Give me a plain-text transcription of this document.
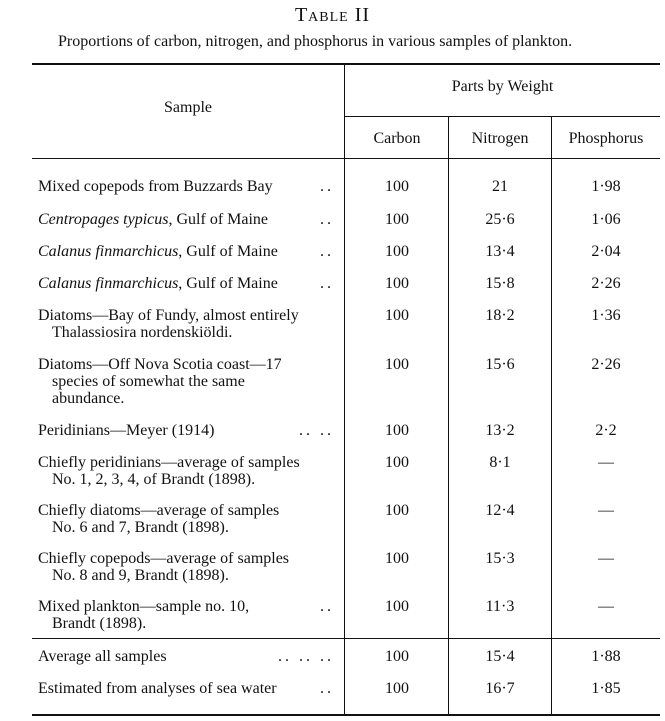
Table II
Proportions of carbon, nitrogen, and phosphorus in various samples of plankton.
Sample
Parts by Weight
Carbon	Nitrogen	Phosphorus
Mixed copepods from Buzzards Bay	..	100	21	1·98
Centropages typicus, Gulf of Maine	..	100	25·6	1·06
Calanus finmarchicus, Gulf of Maine	..	100	13·4	2·04
Calanus finmarchicus, Gulf of Maine	..	100	15·8	2·26
Diatoms—Bay of Fundy, almost entirely
Thalassiosira nordenskiöldi.
100	18·2	1·36
Diatoms—Off Nova Scotia coast—17
species of somewhat the same
abundance.
100	15·6	2·26
Peridinians—Meyer (1914)	.. ..	100	13·2	2·2
Chiefly peridinians—average of samples
No. 1, 2, 3, 4, of Brandt (1898).
100	8·1	—
Chiefly diatoms—average of samples
No. 6 and 7, Brandt (1898).
100	12·4	—
Chiefly copepods—average of samples
No. 8 and 9, Brandt (1898).
100	15·3	—
Mixed plankton—sample no. 10,
Brandt (1898).
..	100	11·3	—
Average all samples	.. .. ..	100	15·4	1·88
Estimated from analyses of sea water	..	100	16·7	1·85
